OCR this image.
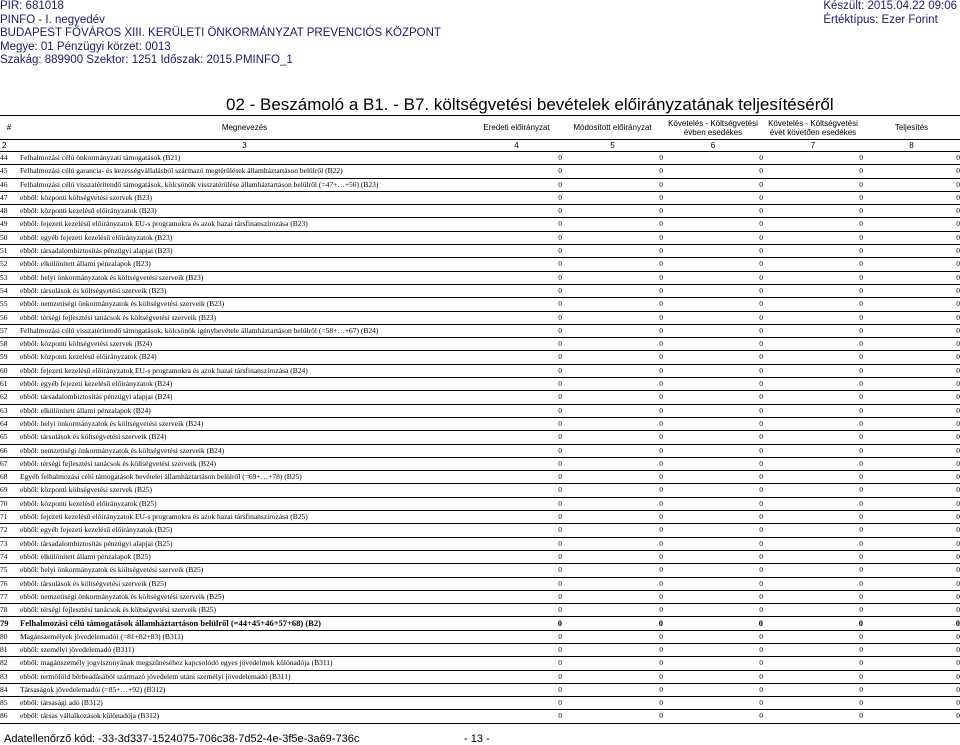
PIR: 681018
PINFO - I. negyedév
BUDAPEST FŐVÁROS XIII. KERÜLETI ÖNKORMÁNYZAT PREVENCIÓS KÖZPONT
Megye: 01 Pénzügyi körzet: 0013
Szakág: 889900 Szektor: 1251 Időszak: 2015.PMINFO_1
Készült: 2015.04.22 09:06
Értéktípus: Ezer Forint
02 - Beszámoló a B1. - B7. költségvetési bevételek előirányzatának teljesítéséről
#	Megnevezés	Eredeti előirányzat	Módosított előirányzat	Követelés - Költségvetési évben esedékes	Követelés - Költségvetési évet követően esedékes	Teljesítés
2	3	4	5	6	7	8
44	Felhalmozási célú önkormányzati támogatások (B21)	0	0	0	0	0
45	Felhalmozási célú garancia- és kezességvállalásból származó megtérülések államháztartáson belülről (B22)	0	0	0	0	0
46	Felhalmozási célú visszatérítendő támogatások, kölcsönök visszatérülése államháztartáson belülről (=47+…+56) (B23)	0	0	0	0	0
47	ebből: központi költségvetési szervek (B23)	0	0	0	0	0
48	ebből: központi kezelésű előirányzatok (B23)	0	0	0	0	0
49	ebből: fejezeti kezelésű előirányzatok EU-s programokra és azok hazai társfinanszírozása (B23)	0	0	0	0	0
50	ebből: egyéb fejezeti kezelésű előirányzatok (B23)	0	0	0	0	0
51	ebből: társadalombiztosítás pénzügyi alapjai (B23)	0	0	0	0	0
52	ebből: elkülönített állami pénzalapok (B23)	0	0	0	0	0
53	ebből: helyi önkormányzatok és költségvetési szerveik (B23)	0	0	0	0	0
54	ebből: társulások és költségvetési szerveik (B23)	0	0	0	0	0
55	ebből: nemzetiségi önkormányzatok és költségvetési szerveik (B23)	0	0	0	0	0
56	ebből: térségi fejlesztési tanácsok és költségvetési szerveik (B23)	0	0	0	0	0
57	Felhalmozási célú visszatérítendő támogatások, kölcsönök igénybevétele államháztartáson belülről (=58+…+67) (B24)	0	0	0	0	0
58	ebből: központi költségvetési szervek (B24)	0	0	0	0	0
59	ebből: központi kezelésű előirányzatok (B24)	0	0	0	0	0
60	ebből: fejezeti kezelésű előirányzatok EU-s programokra és azok hazai társfinanszírozása (B24)	0	0	0	0	0
61	ebből: egyéb fejezeti kezelésű előirányzatok (B24)	0	0	0	0	0
62	ebből: társadalombiztosítás pénzügyi alapjai (B24)	0	0	0	0	0
63	ebből: elkülönített állami pénzalapok (B24)	0	0	0	0	0
64	ebből: helyi önkormányzatok és költségvetési szerveik (B24)	0	0	0	0	0
65	ebből: társulások és költségvetési szerveik (B24)	0	0	0	0	0
66	ebből: nemzetiségi önkormányzatok és költségvetési szerveik (B24)	0	0	0	0	0
67	ebből: térségi fejlesztési tanácsok és költségvetési szerveik (B24)	0	0	0	0	0
68	Egyéb felhalmozási célú támogatások bevételei államháztartáson belülről (=69+…+78) (B25)	0	0	0	0	0
69	ebből: központi költségvetési szervek (B25)	0	0	0	0	0
70	ebből: központi kezelésű előirányzatok (B25)	0	0	0	0	0
71	ebből: fejezeti kezelésű előirányzatok EU-s programokra és azok hazai társfinanszírozása (B25)	0	0	0	0	0
72	ebből: egyéb fejezeti kezelésű előirányzatok (B25)	0	0	0	0	0
73	ebből: társadalombiztosítás pénzügyi alapjai (B25)	0	0	0	0	0
74	ebből: elkülönített állami pénzalapok (B25)	0	0	0	0	0
75	ebből: helyi önkormányzatok és költségvetési szerveik (B25)	0	0	0	0	0
76	ebből: társulások és költségvetési szerveik (B25)	0	0	0	0	0
77	ebből: nemzetiségi önkormányzatok és költségvetési szerveik (B25)	0	0	0	0	0
78	ebből: térségi fejlesztési tanácsok és költségvetési szerveik (B25)	0	0	0	0	0
79	Felhalmozási célú támogatások államháztartáson belülről (=44+45+46+57+68) (B2)	0	0	0	0	0
80	Magánszemélyek jövedelemadói (=81+82+83) (B311)	0	0	0	0	0
81	ebből: személyi jövedelemadó (B311)	0	0	0	0	0
82	ebből: magánszemély jogviszonyának megszűnéséhez kapcsolódó egyes jövedelmek különadója (B311)	0	0	0	0	0
83	ebből: termőföld bérbeadásából származó jövedelem utáni személyi jövedelemadó (B311)	0	0	0	0	0
84	Társaságok jövedelemadói (=85+…+92) (B312)	0	0	0	0	0
85	ebből: társasági adó (B312)	0	0	0	0	0
86	ebből: társas vállalkozások különadója (B312)	0	0	0	0	0
Adatellenőrző kód: -33-3d337-1524075-706c38-7d52-4e-3f5e-3a69-736c	- 13 -
